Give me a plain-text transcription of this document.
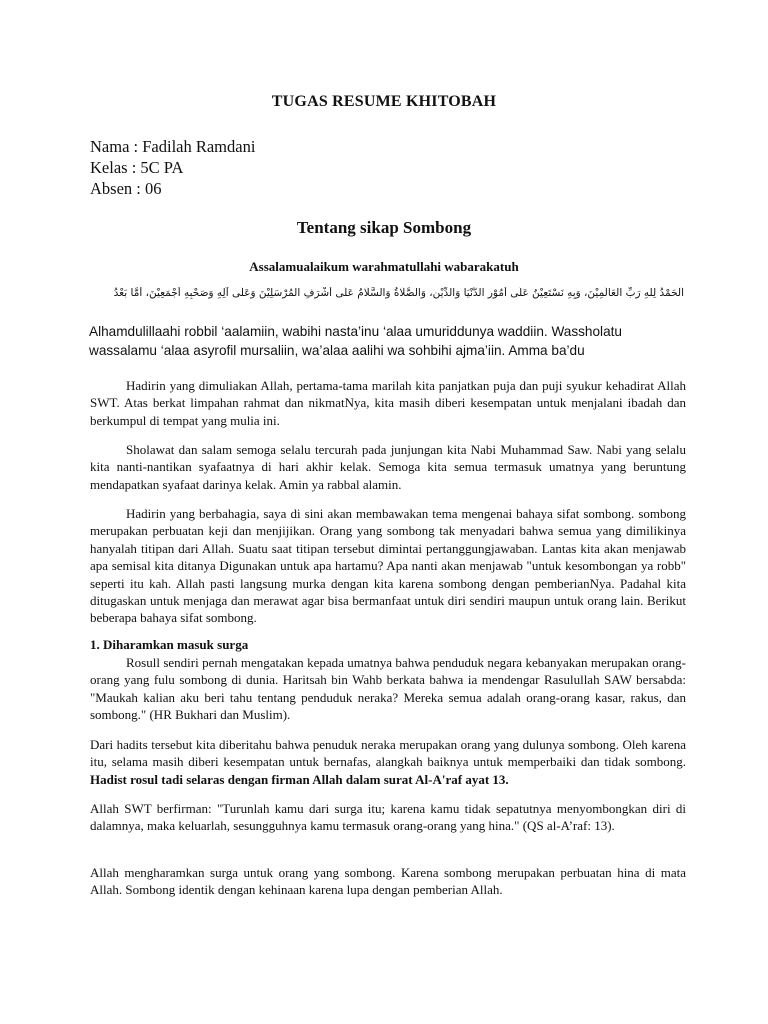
TUGAS RESUME KHITOBAH
Nama : Fadilah Ramdani
Kelas : 5C PA
Absen : 06
Tentang sikap Sombong
Assalamualaikum warahmatullahi wabarakatuh
اَلْحَمْدُ لِلّٰهِ رَبِّ الْعَالَمِيْنَ، وَبِهِ نَسْتَعِيْنُ عَلَى أُمُوْرِ الدُّنْيَا وَالدِّيْنِ، وَالصَّلَاةُ وَالسَّلَامُ عَلَى أَشْرَفِ الْمُرْسَلِيْنَ وَعَلَى آلِهِ وَصَحْبِهِ أَجْمَعِيْنَ، أَمَّا بَعْدُ
Alhamdulillaahi robbil ‘aalamiin, wabihi nasta’inu ‘alaa umuriddunya waddiin. Wassholatu wassalamu ‘alaa asyrofil mursaliin, wa’alaa aalihi wa sohbihi ajma’iin. Amma ba’du
Hadirin yang dimuliakan Allah, pertama-tama marilah kita panjatkan puja dan puji syukur kehadirat Allah SWT. Atas berkat limpahan rahmat dan nikmatNya, kita masih diberi kesempatan untuk menjalani ibadah dan berkumpul di tempat yang mulia ini.
Sholawat dan salam semoga selalu tercurah pada junjungan kita Nabi Muhammad Saw. Nabi yang selalu kita nanti-nantikan syafaatnya di hari akhir kelak. Semoga kita semua termasuk umatnya yang beruntung mendapatkan syafaat darinya kelak. Amin ya rabbal alamin.
Hadirin yang berbahagia, saya di sini akan membawakan tema mengenai bahaya sifat sombong. sombong merupakan perbuatan keji dan menjijikan. Orang yang sombong tak menyadari bahwa semua yang dimilikinya hanyalah titipan dari Allah. Suatu saat titipan tersebut dimintai pertanggungjawaban. Lantas kita akan menjawab apa semisal kita ditanya Digunakan untuk apa hartamu? Apa nanti akan menjawab "untuk kesombongan ya robb" seperti itu kah. Allah pasti langsung murka dengan kita karena sombong dengan pemberianNya. Padahal kita ditugaskan untuk menjaga dan merawat agar bisa bermanfaat untuk diri sendiri maupun untuk orang lain. Berikut beberapa bahaya sifat sombong.
1. Diharamkan masuk surga
Rosull sendiri pernah mengatakan kepada umatnya bahwa penduduk negara kebanyakan merupakan orang-orang yang fulu sombong di dunia. Haritsah bin Wahb berkata bahwa ia mendengar Rasulullah SAW bersabda: "Maukah kalian aku beri tahu tentang penduduk neraka? Mereka semua adalah orang-orang kasar, rakus, dan sombong." (HR Bukhari dan Muslim).
Dari hadits tersebut kita diberitahu bahwa penuduk neraka merupakan orang yang dulunya sombong. Oleh karena itu, selama masih diberi kesempatan untuk bernafas, alangkah baiknya untuk memperbaiki dan tidak sombong. Hadist rosul tadi selaras dengan firman Allah dalam surat Al-A'raf ayat 13.
Allah SWT berfirman: "Turunlah kamu dari surga itu; karena kamu tidak sepatutnya menyombongkan diri di dalamnya, maka keluarlah, sesungguhnya kamu termasuk orang-orang yang hina." (QS al-A’raf: 13).
Allah mengharamkan surga untuk orang yang sombong. Karena sombong merupakan perbuatan hina di mata Allah. Sombong identik dengan kehinaan karena lupa dengan pemberian Allah.
